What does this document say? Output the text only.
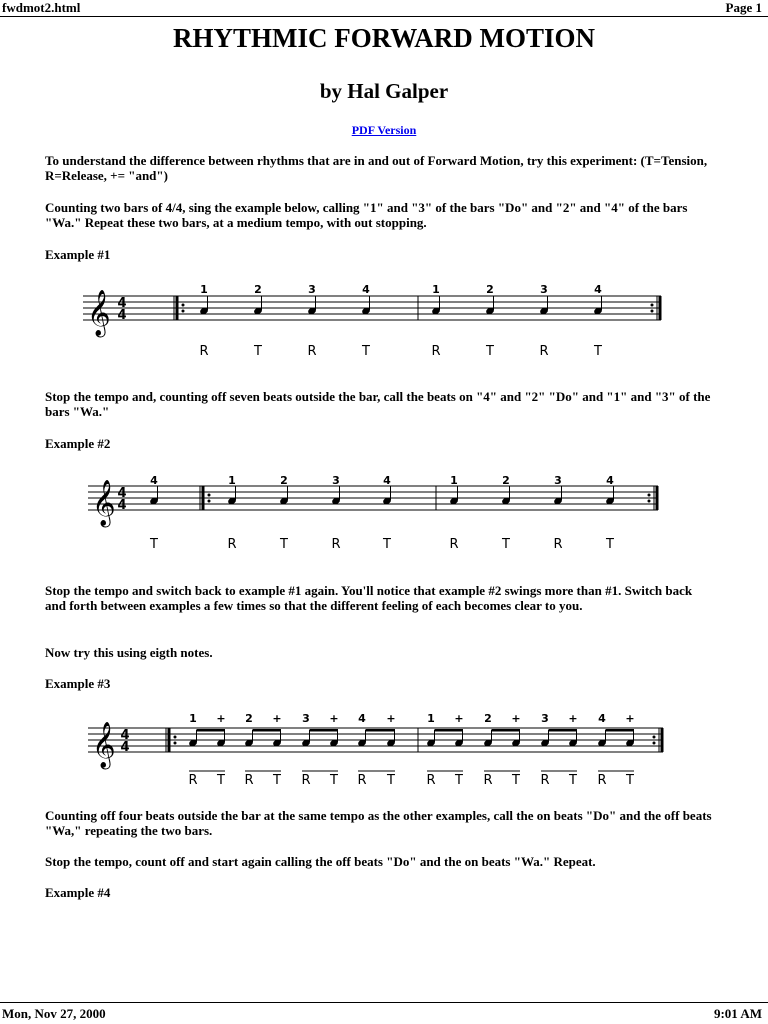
fwdmot2.html	Page 1
RHYTHMIC FORWARD MOTION
by Hal Galper
PDF Version

To understand the difference between rhythms that are in and out of Forward Motion, try this experiment: (T=Tension, R=Release, += "and")

Counting two bars of 4/4, sing the example below, calling "1" and "3" of the bars "Do" and "2" and "4" of the bars "Wa." Repeat these two bars, at a medium tempo, with out stopping.

Example #1

𝄞 4
4
1
R
2
T
3
R
4
T
1
R
2
T
3
R
4
T

Stop the tempo and, counting off seven beats outside the bar, call the beats on "4" and "2" "Do" and "1" and "3" of the bars "Wa."

Example #2

𝄞 4
4
4
T
1
R
2
T
3
R
4
T
1
R
2
T
3
R
4
T

Stop the tempo and switch back to example #1 again. You'll notice that example #2 swings more than #1. Switch back and forth between examples a few times so that the different feeling of each becomes clear to you.

Now try this using eigth notes.

Example #3

𝄞 4
4
1
R
+
T
2
R
+
T
3
R
+
T
4
R
+
T
1
R
+
T
2
R
+
T
3
R
+
T
4
R
+
T

Counting off four beats outside the bar at the same tempo as the other examples, call the on beats "Do" and the off beats "Wa," repeating the two bars.

Stop the tempo, count off and start again calling the off beats "Do" and the on beats "Wa." Repeat.

Example #4

Mon, Nov 27, 2000	9:01 AM
